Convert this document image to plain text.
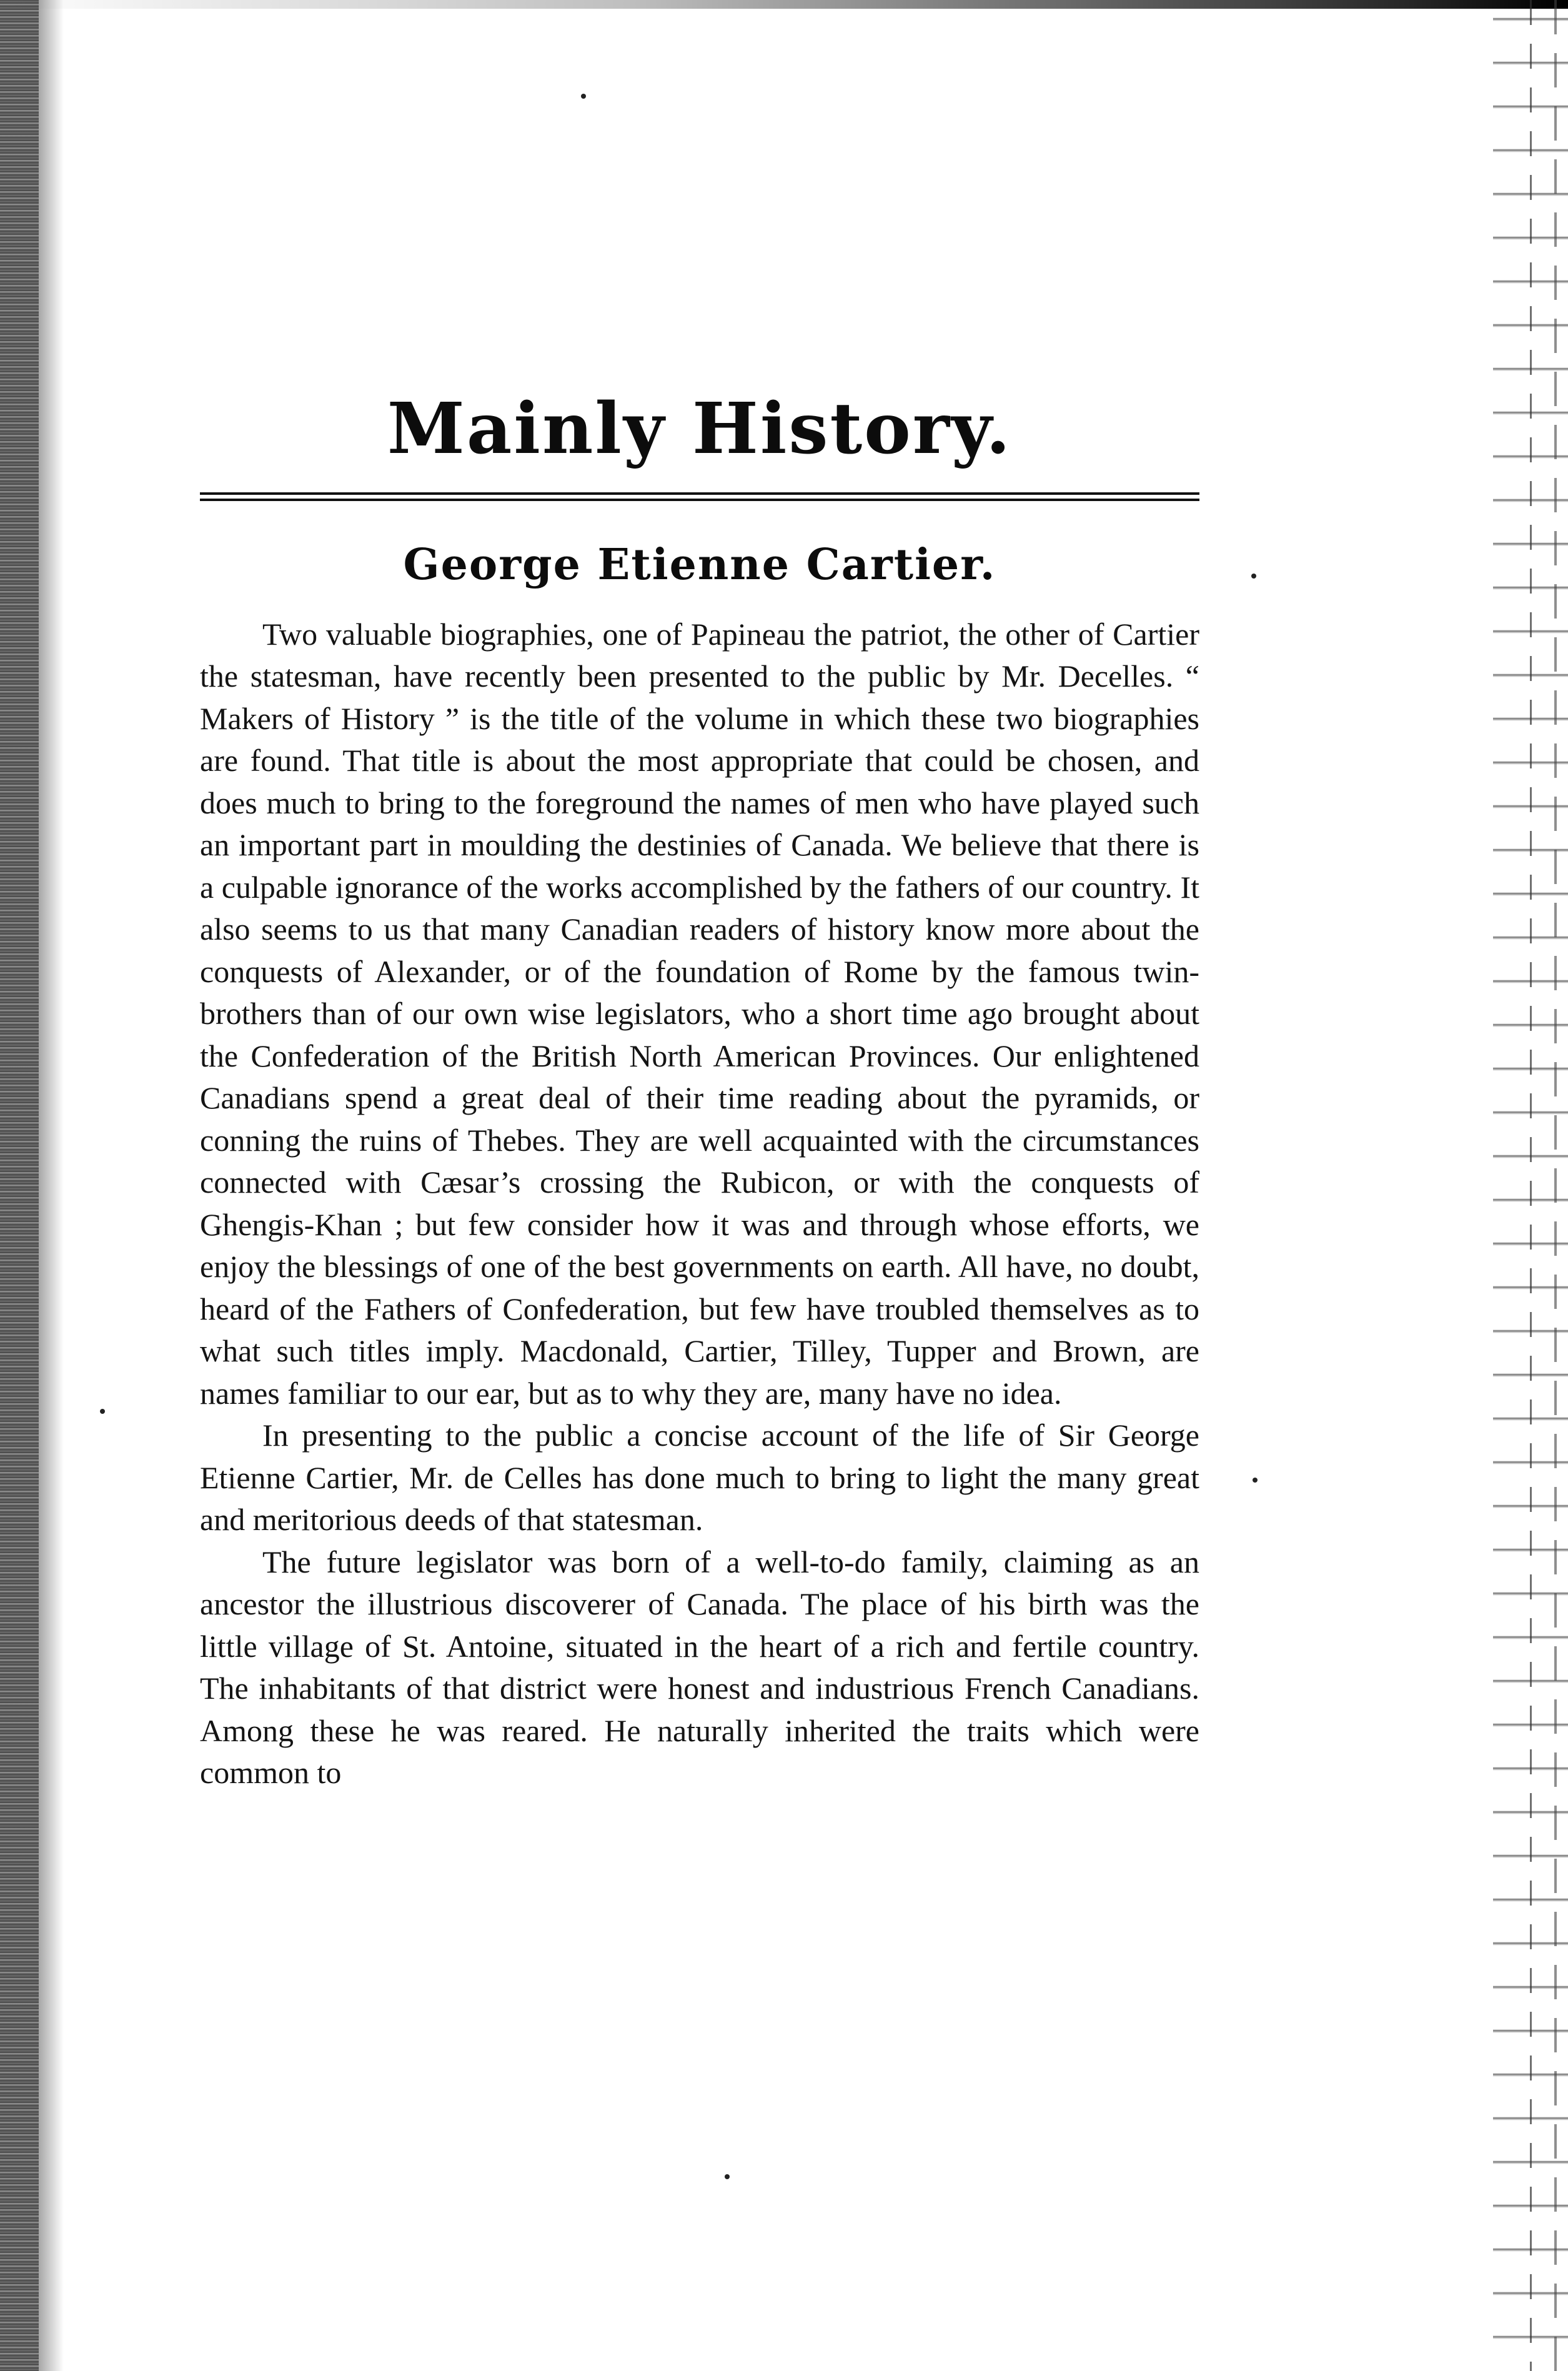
Mainly History.
George Etienne Cartier.

Two valuable biographies, one of Papineau the patriot, the other of Cartier the statesman, have recently been presented to the public by Mr. Decelles. “ Makers of History ” is the title of the volume in which these two biographies are found. That title is about the most appropriate that could be chosen, and does much to bring to the foreground the names of men who have played such an important part in moulding the destinies of Canada. We believe that there is a culpable ignorance of the works accomplished by the fathers of our country. It also seems to us that many Canadian readers of history know more about the conquests of Alexander, or of the foundation of Rome by the famous twin-brothers than of our own wise legislators, who a short time ago brought about the Confederation of the British North American Provinces. Our enlightened Canadians spend a great deal of their time reading about the pyramids, or conning the ruins of Thebes. They are well acquainted with the circumstances connected with Cæsar’s crossing the Rubicon, or with the conquests of Ghengis-Khan ; but few consider how it was and through whose efforts, we enjoy the blessings of one of the best governments on earth. All have, no doubt, heard of the Fathers of Confederation, but few have troubled themselves as to what such titles imply. Macdonald, Cartier, Tilley, Tupper and Brown, are names familiar to our ear, but as to why they are, many have no idea.

In presenting to the public a concise account of the life of Sir George Etienne Cartier, Mr. de Celles has done much to bring to light the many great and meritorious deeds of that statesman.

The future legislator was born of a well-to-do family, claiming as an ancestor the illustrious discoverer of Canada. The place of his birth was the little village of St. Antoine, situated in the heart of a rich and fertile country. The inhabitants of that district were honest and industrious French Canadians. Among these he was reared. He naturally inherited the traits which were common to
